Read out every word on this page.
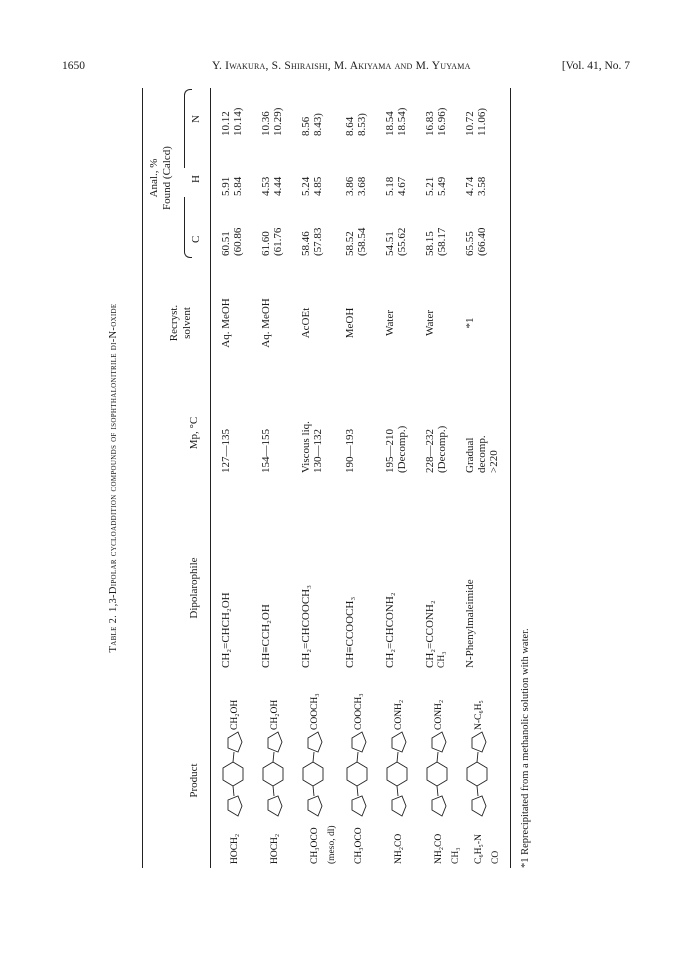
1650	Y. Iwakura, S. Shiraishi, M. Akiyama and M. Yuyama	[Vol. 41, No. 7
Table 2. 1,3-Dipolar cycloaddition compounds of isophthalonitrile di-N-oxide
Product
Dipolarophile
Mp, °C
Recryst. solvent
Anal., % Found (Calcd)
C
H
N
HOCH₂
CH₂OH
CH₂=CHCH₂OH
127—135
Aq. MeOH
60.51 (60.86
5.91 5.84
10.12 10.14)
HOCH₂
CH₂OH
CH≡CCH₂OH
154—155
Aq. MeOH
61.60 (61.76
4.53 4.44
10.36 10.29)
CH₃OCO
COOCH₃
(meso, dl)
CH₂=CHCOOCH₃
Viscous liq. 130—132
AcOEt
58.46 (57.83
5.24 4.85
8.56 8.43)
CH₃OCO
COOCH₃
CH≡CCOOCH₃
190—193
MeOH
58.52 (58.54
3.86 3.68
8.64 8.53)
NH₂CO
CONH₂
CH₂=CHCONH₂
195—210 (Decomp.)
Water
54.51 (55.62
5.18 4.67
18.54 18.54)
NH₂CO
CONH₂
CH₃
CH₂=CCONH₂ CH₃
228—232 (Decomp.)
Water
58.15 (58.17
5.21 5.49
16.83 16.96)
C₆H₅-N
N-C₆H₅
CO
N-Phenylmaleimide
Gradual decomp. >220
*1
65.55 (66.40
4.74 3.58
10.72 11.06)
*1 Reprecipitated from a methanolic solution with water.
